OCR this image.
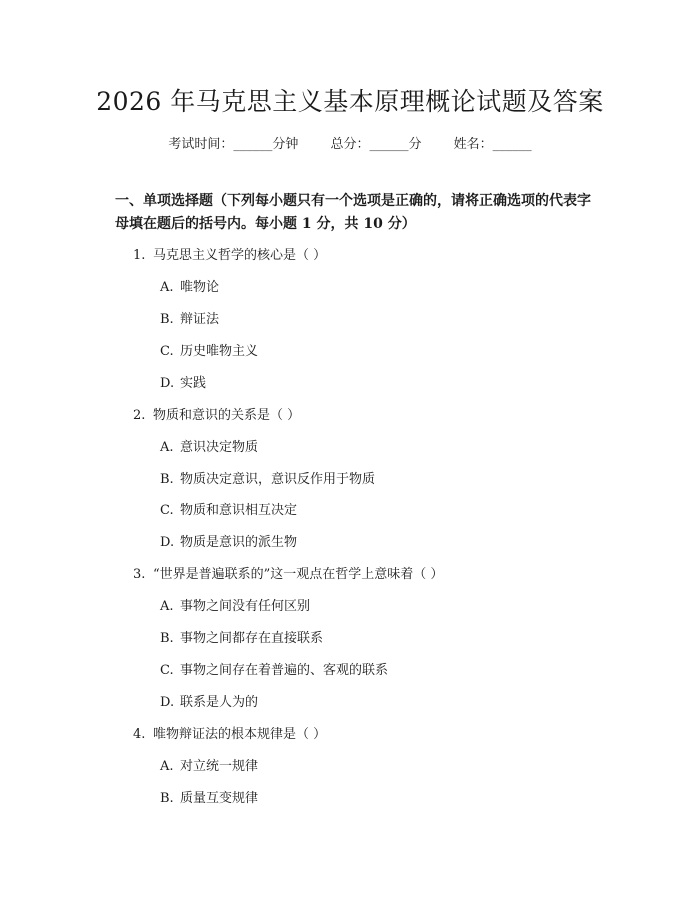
2026 年马克思主义基本原理概论试题及答案
考试时间：______分钟 总分：______分 姓名：______

一、单项选择题（下列每小题只有一个选项是正确的，请将正确选项的代表字母填在题后的括号内。每小题 1 分，共 10 分）

1. 马克思主义哲学的核心是（ ）

A. 唯物论

B. 辩证法

C. 历史唯物主义

D. 实践

2. 物质和意识的关系是（ ）

A. 意识决定物质

B. 物质决定意识，意识反作用于物质

C. 物质和意识相互决定

D. 物质是意识的派生物

3. “世界是普遍联系的”这一观点在哲学上意味着（ ）

A. 事物之间没有任何区别

B. 事物之间都存在直接联系

C. 事物之间存在着普遍的、客观的联系

D. 联系是人为的

4. 唯物辩证法的根本规律是（ ）

A. 对立统一规律

B. 质量互变规律
